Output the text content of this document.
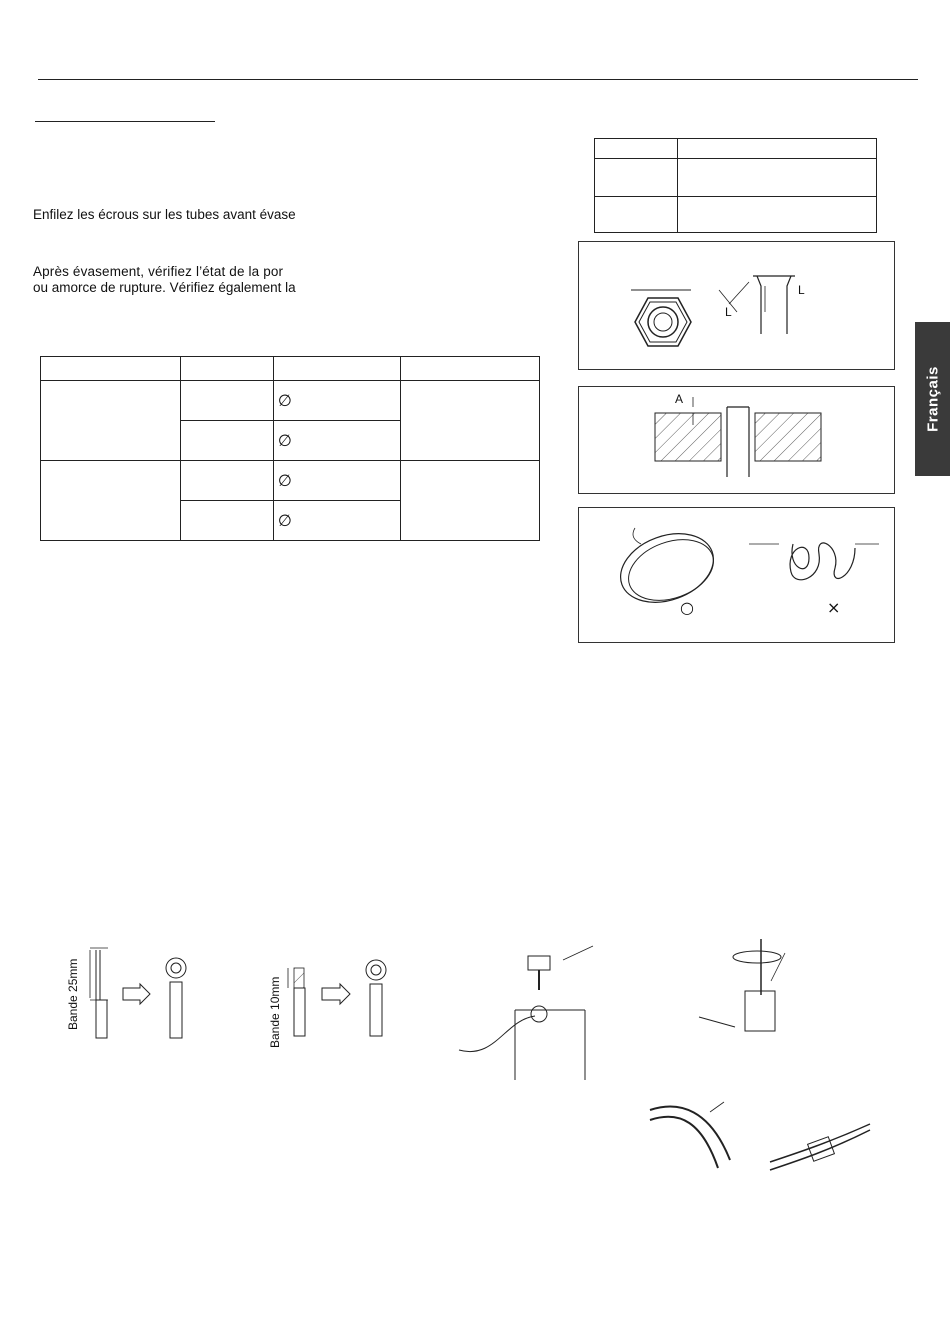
Enfilez les écrous sur les tubes avant évase
Après évasement, vérifiez l’état de la por
ou amorce de rupture. Vérifiez également la

		∅	
		∅	
		∅	
		∅	

L
L
A
○	×
Français
Bande 25mm	Bande 10mm
